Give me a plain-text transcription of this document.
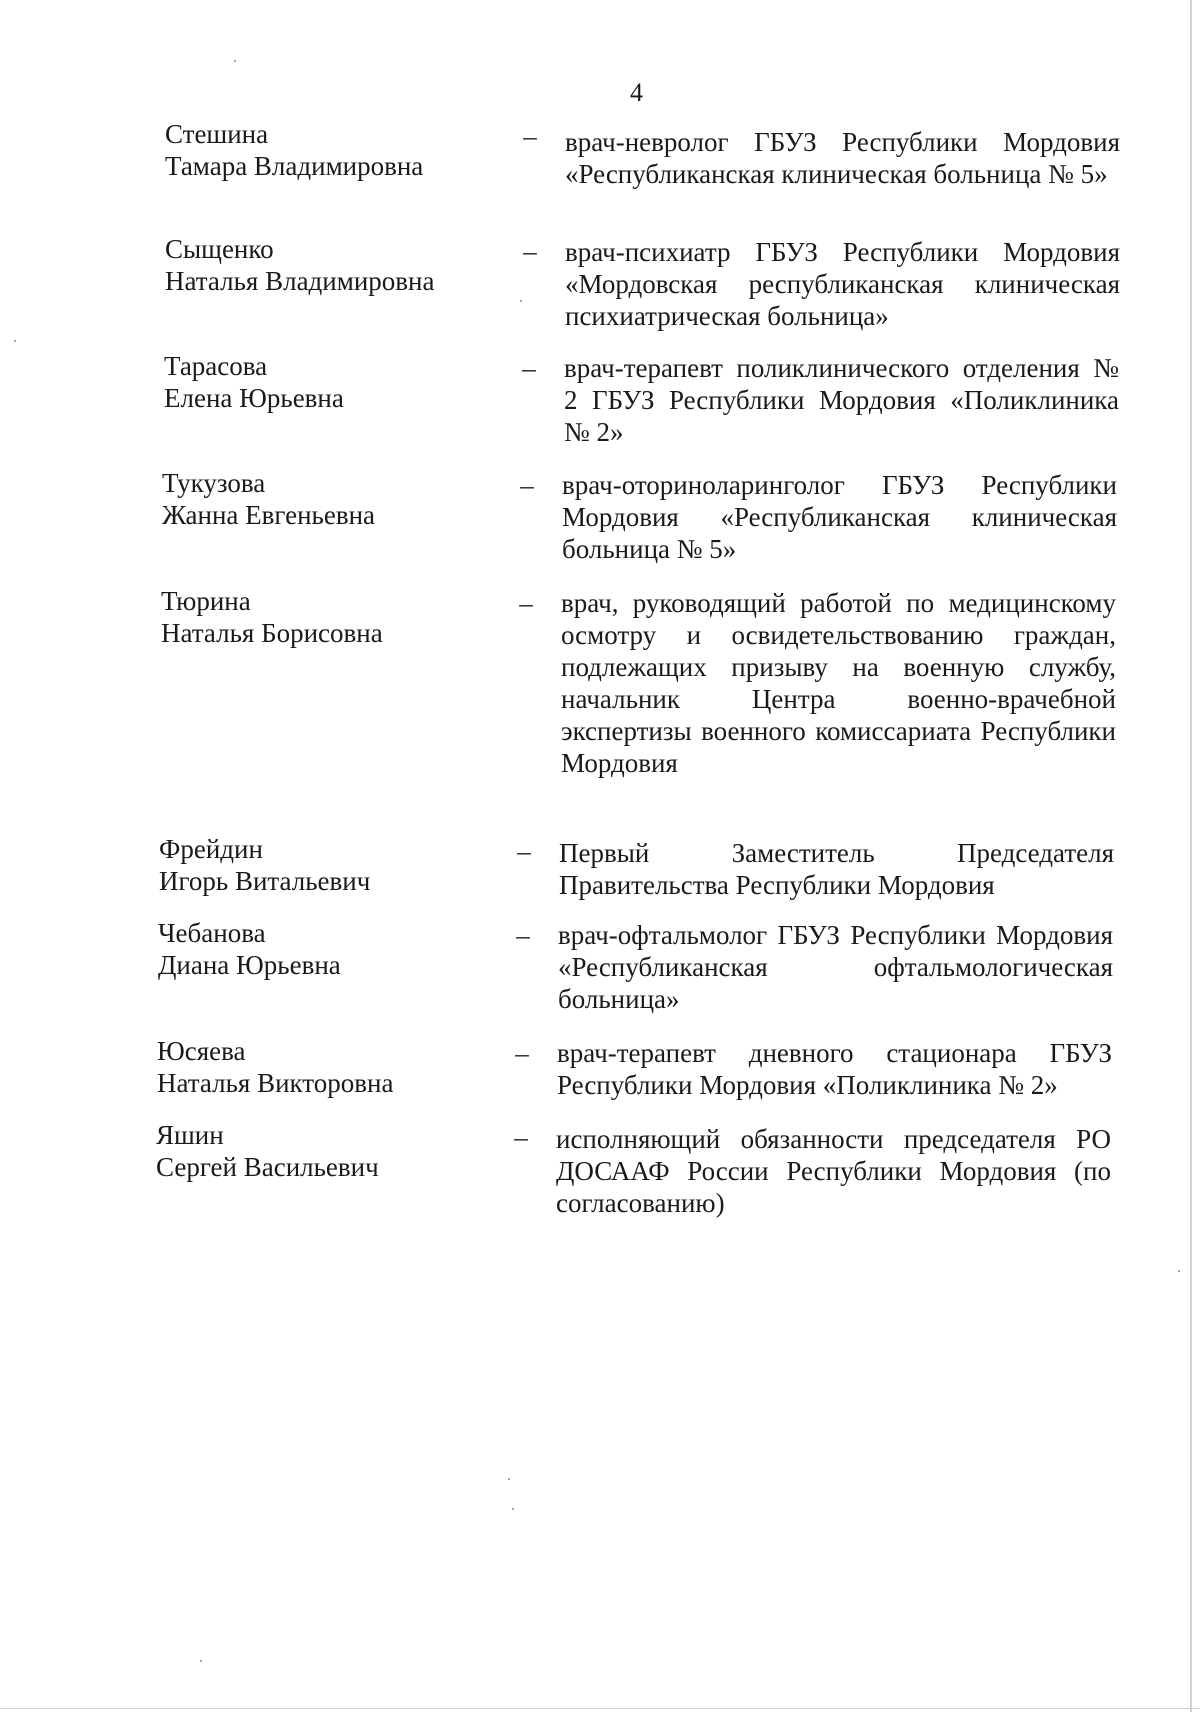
4
Стешина
Тамара Владимировна
–	врач-невролог ГБУЗ Республики Мордовия «Республиканская клиническая больница № 5»
Сыщенко
Наталья Владимировна
–	врач-психиатр ГБУЗ Республики Мордовия «Мордовская республиканская клиническая психиатрическая больница»
Тарасова
Елена Юрьевна
–	врач-терапевт поликлинического отделения № 2 ГБУЗ Республики Мордовия «Поликлиника № 2»
Тукузова
Жанна Евгеньевна
–	врач-оториноларинголог ГБУЗ Республики Мордовия «Республиканская клиническая больница № 5»
Тюрина
Наталья Борисовна
–	врач, руководящий работой по медицинскому осмотру и освидетельствованию граждан, подлежащих призыву на военную службу, начальник Центра военно-врачебной экспертизы военного комиссариата Республики Мордовия
Фрейдин
Игорь Витальевич
–	Первый Заместитель Председателя Правительства Республики Мордовия
Чебанова
Диана Юрьевна
–	врач-офтальмолог ГБУЗ Республики Мордовия «Республиканская офтальмологическая больница»
Юсяева
Наталья Викторовна
–	врач-терапевт дневного стационара ГБУЗ Республики Мордовия «Поликлиника № 2»
Яшин
Сергей Васильевич
–	исполняющий обязанности председателя РО ДОСААФ России Республики Мордовия (по согласованию)
